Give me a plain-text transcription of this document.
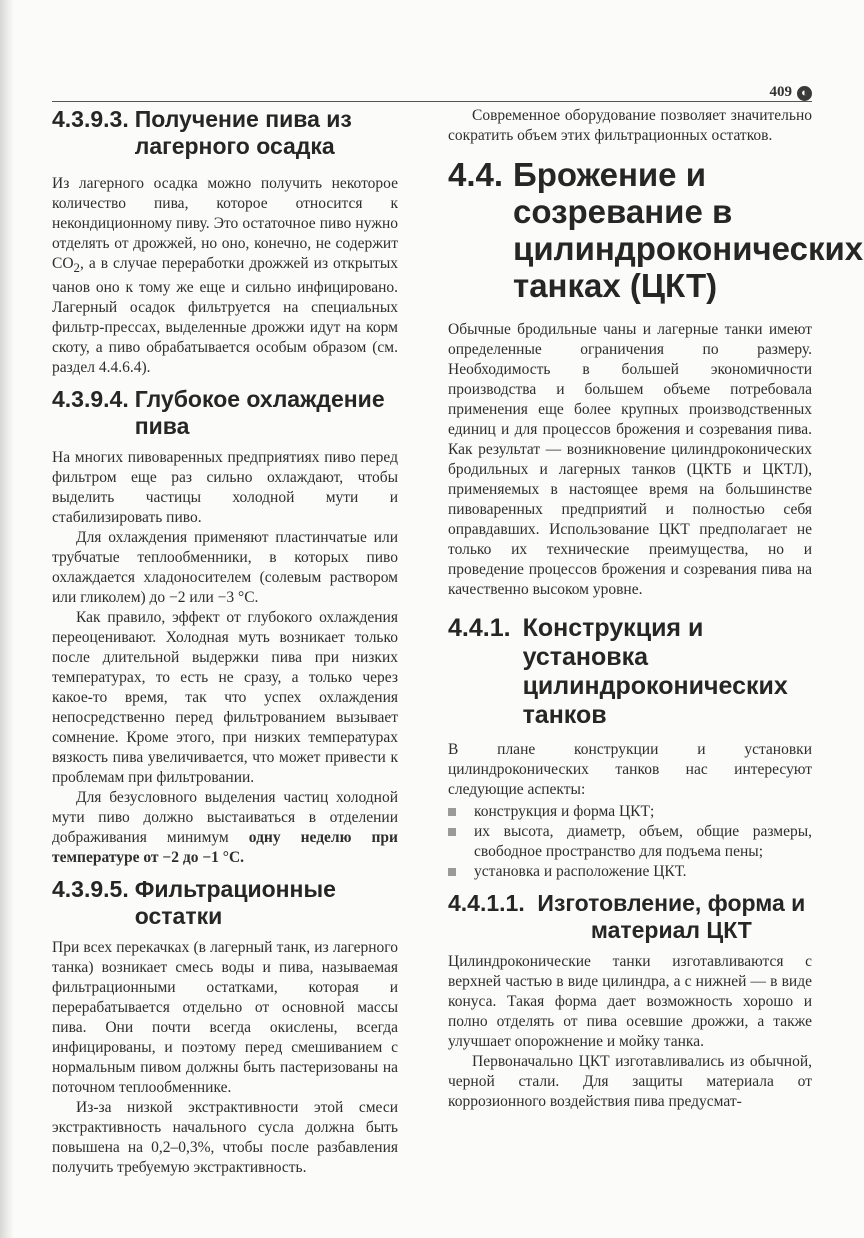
409 ◐
4.3.9.3. Получение пива из лагерного осадка

Из лагерного осадка можно получить некоторое количество пива, которое относится к некондиционному пиву. Это остаточное пиво нужно отделять от дрожжей, но оно, конечно, не содержит $CO_2$, а в случае переработки дрожжей из открытых чанов оно к тому же еще и сильно инфицировано. Лагерный осадок фильтруется на специальных фильтр-прессах, выделенные дрожжи идут на корм скоту, а пиво обрабатывается особым образом (см. раздел 4.4.6.4).

4.3.9.4. Глубокое охлаждение пива

На многих пивоваренных предприятиях пиво перед фильтром еще раз сильно охлаждают, чтобы выделить частицы холодной мути и стабилизировать пиво.

Для охлаждения применяют пластинчатые или трубчатые теплообменники, в которых пиво охлаждается хладоносителем (солевым раствором или гликолем) до −2 или −3 °C.

Как правило, эффект от глубокого охлаждения переоценивают. Холодная муть возникает только после длительной выдержки пива при низких температурах, то есть не сразу, а только через какое-то время, так что успех охлаждения непосредственно перед фильтрованием вызывает сомнение. Кроме этого, при низких температурах вязкость пива увеличивается, что может привести к проблемам при фильтровании.

Для безусловного выделения частиц холодной мути пиво должно выстаиваться в отделении дображивания минимум одну неделю при температуре от −2 до −1 °C.

4.3.9.5. Фильтрационные остатки

При всех перекачках (в лагерный танк, из лагерного танка) возникает смесь воды и пива, называемая фильтрационными остатками, которая и перерабатывается отдельно от основной массы пива. Они почти всегда окислены, всегда инфицированы, и поэтому перед смешиванием с нормальным пивом должны быть пастеризованы на поточном теплообменнике.

Из-за низкой экстрактивности этой смеси экстрактивность начального сусла должна быть повышена на 0,2–0,3%, чтобы после разбавления получить требуемую экстрактивность.

Современное оборудование позволяет значительно сократить объем этих фильтрационных остатков.

4.4. Брожение и созревание в цилиндроконических танках (ЦКТ)

Обычные бродильные чаны и лагерные танки имеют определенные ограничения по размеру. Необходимость в большей экономичности производства и большем объеме потребовала применения еще более крупных производственных единиц и для процессов брожения и созревания пива. Как результат — возникновение цилиндроконических бродильных и лагерных танков (ЦКТБ и ЦКТЛ), применяемых в настоящее время на большинстве пивоваренных предприятий и полностью себя оправдавших. Использование ЦКТ предполагает не только их технические преимущества, но и проведение процессов брожения и созревания пива на качественно высоком уровне.

4.4.1. Конструкция и установка цилиндроконических танков

В плане конструкции и установки цилиндроконических танков нас интересуют следующие аспекты:

конструкция и форма ЦКТ;
их высота, диаметр, объем, общие размеры, свободное пространство для подъема пены;
установка и расположение ЦКТ.
4.4.1.1. Изготовление, форма и материал ЦКТ

Цилиндроконические танки изготавливаются с верхней частью в виде цилиндра, а с нижней — в виде конуса. Такая форма дает возможность хорошо и полно отделять от пива осевшие дрожжи, а также улучшает опорожнение и мойку танка.

Первоначально ЦКТ изготавливались из обычной, черной стали. Для защиты материала от коррозионного воздействия пива предусмат-
